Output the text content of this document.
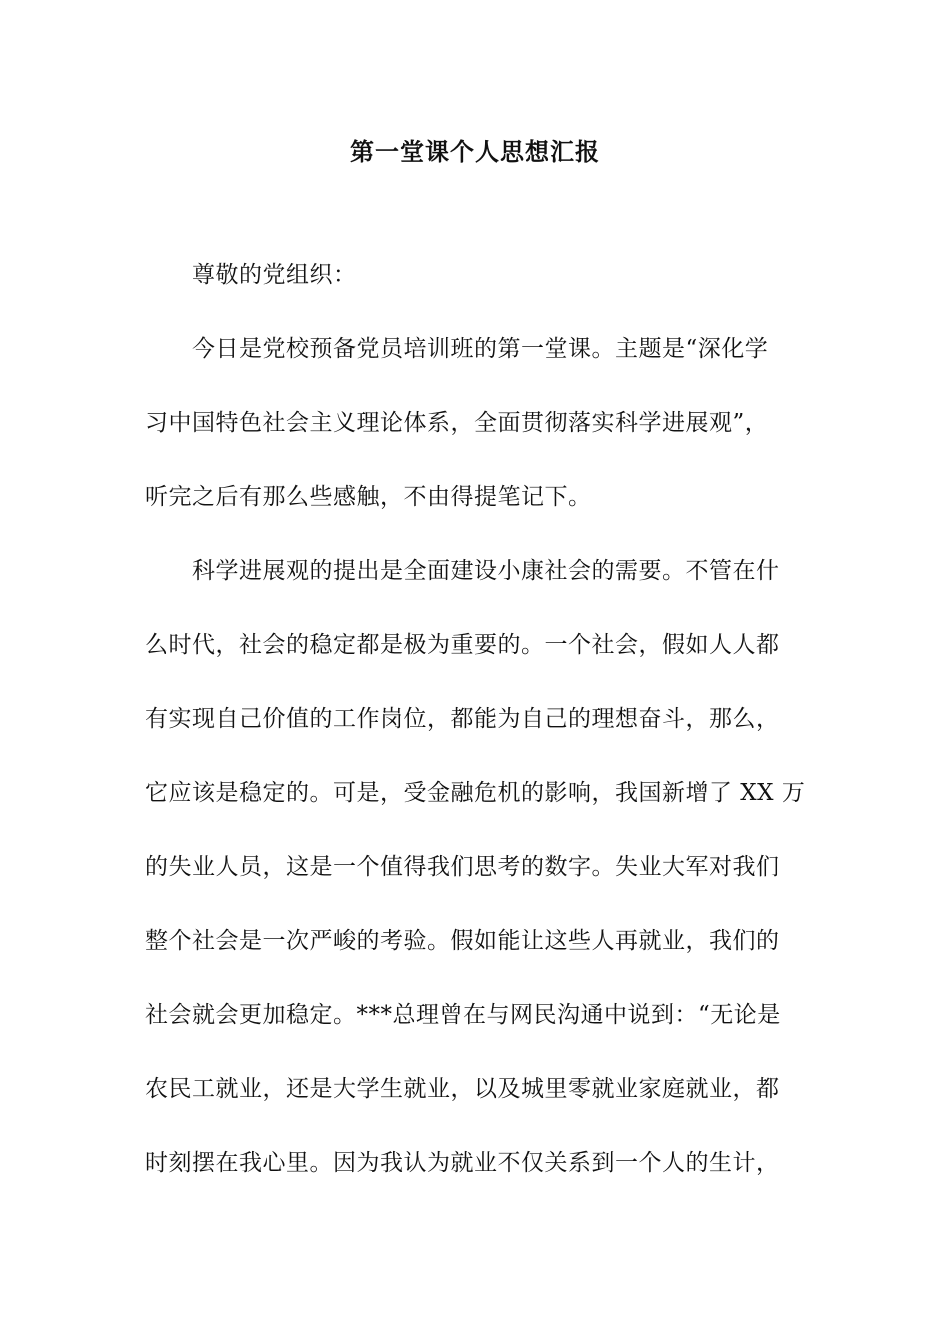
第一堂课个人思想汇报
尊敬的党组织：
今日是党校预备党员培训班的第一堂课。主题是“深化学
习中国特色社会主义理论体系，全面贯彻落实科学进展观”，
听完之后有那么些感触，不由得提笔记下。
科学进展观的提出是全面建设小康社会的需要。不管在什
么时代，社会的稳定都是极为重要的。一个社会，假如人人都
有实现自己价值的工作岗位，都能为自己的理想奋斗，那么，
它应该是稳定的。可是，受金融危机的影响，我国新增了 XX 万
的失业人员，这是一个值得我们思考的数字。失业大军对我们
整个社会是一次严峻的考验。假如能让这些人再就业，我们的
社会就会更加稳定。***总理曾在与网民沟通中说到：“无论是
农民工就业，还是大学生就业，以及城里零就业家庭就业，都
时刻摆在我心里。因为我认为就业不仅关系到一个人的生计，
